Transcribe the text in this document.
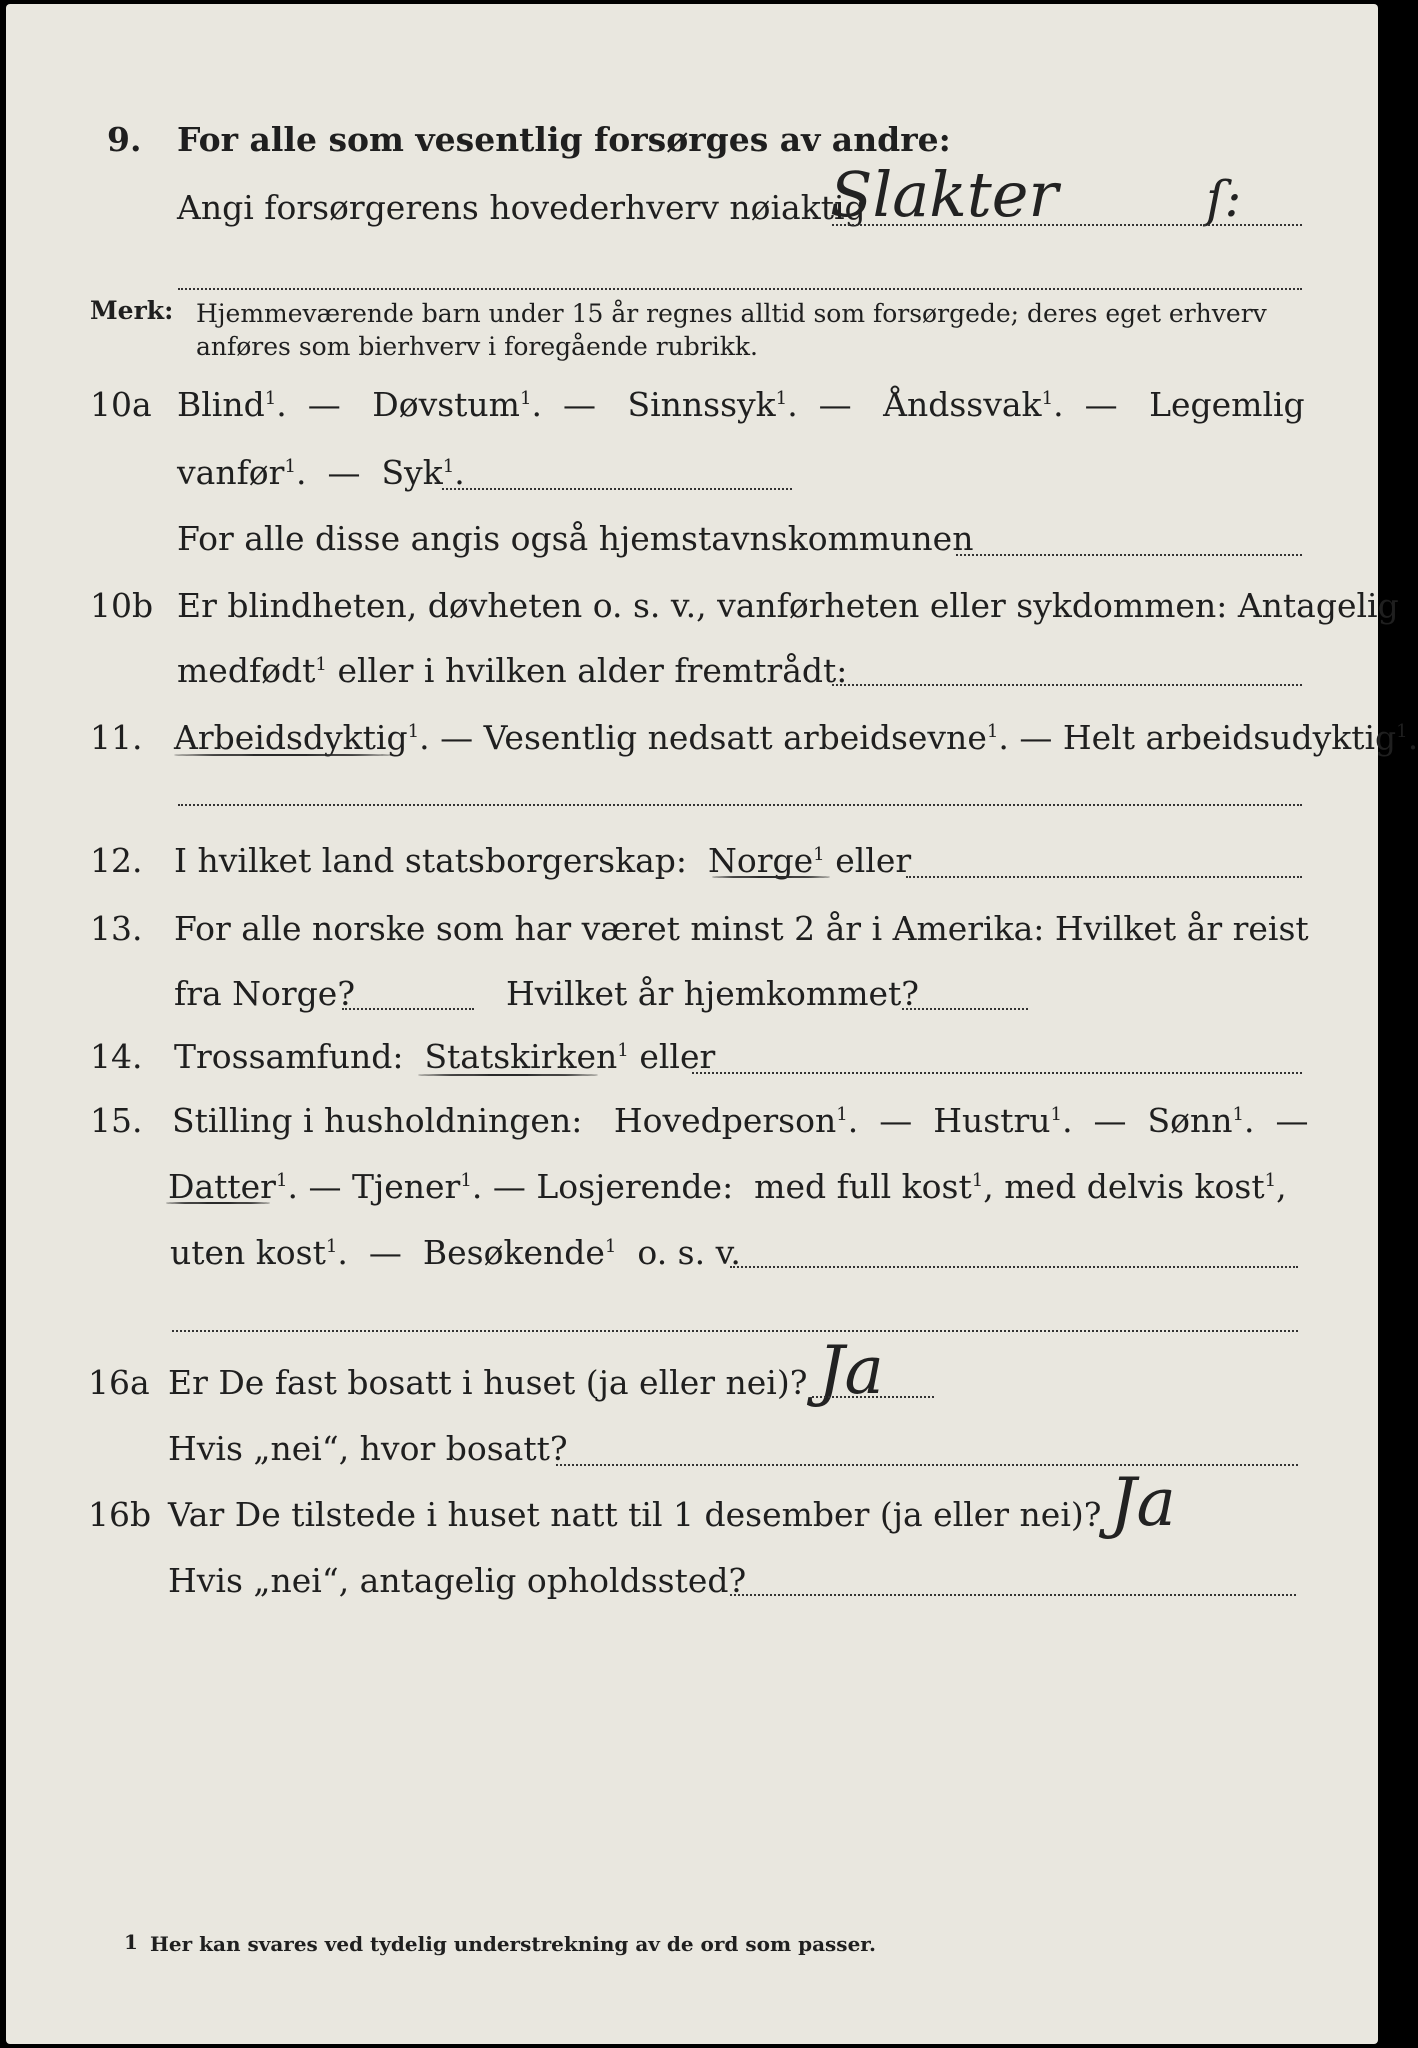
9. For alle som vesentlig forsørges av andre:
Angi forsørgerens hovederhverv nøiaktig
Slakter	ſ:
Merk: Hjemmeværende barn under 15 år regnes alltid som forsørgede; deres eget erhverv
anføres som bierhverv i foregående rubrikk.
10a Blind$^1$.  —   Døvstum$^1$.  —   Sinnssyk$^1$.  —   Åndssvak$^1$.  —   Legemlig
vanfør$^1$.  —  Syk$^1$.
For alle disse angis også hjemstavnskommunen
10b Er blindheten, døvheten o. s. v., vanførheten eller sykdommen: Antagelig
medfødt$^1$ eller i hvilken alder fremtrådt:
11. Arbeidsdyktig$^1$. — Vesentlig nedsatt arbeidsevne$^1$. — Helt arbeidsudyktig$^1$.
12. I hvilket land statsborgerskap: Norge$^1$ eller
13. For alle norske som har været minst 2 år i Amerika: Hvilket år reist
fra Norge?	Hvilket år hjemkommet?
14. Trossamfund: Statskirken$^1$ eller
15. Stilling i husholdningen: Hovedperson$^1$.  —  Hustru$^1$.  —  Sønn$^1$.  —
Datter$^1$. — Tjener$^1$. — Losjerende: med full kost$^1$, med delvis kost$^1$,
uten kost$^1$.  —  Besøkende$^1$ o. s. v.
16a Er De fast bosatt i huset (ja eller nei)? Ja
Hvis „nei“, hvor bosatt?
16b Var De tilstede i huset natt til 1 desember (ja eller nei)? Ja
Hvis „nei“, antagelig opholdssted?
1 Her kan svares ved tydelig understrekning av de ord som passer.
